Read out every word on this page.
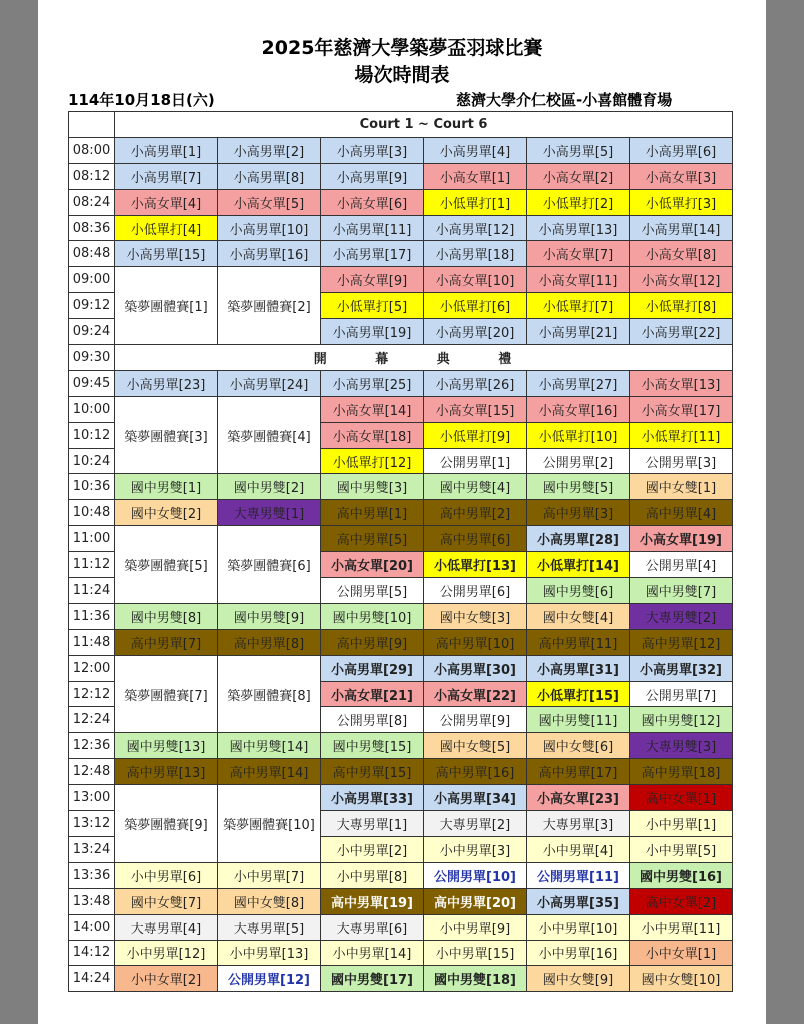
2025年慈濟大學築夢盃羽球比賽
場次時間表
114年10月18日(六)	慈濟大學介仁校區-小喜館體育場
	Court 1 ~ Court 6					
08:00	小高男單[1]	小高男單[2]	小高男單[3]	小高男單[4]	小高男單[5]	小高男單[6]
08:12	小高男單[7]	小高男單[8]	小高男單[9]	小高女單[1]	小高女單[2]	小高女單[3]
08:24	小高女單[4]	小高女單[5]	小高女單[6]	小低單打[1]	小低單打[2]	小低單打[3]
08:36	小低單打[4]	小高男單[10]	小高男單[11]	小高男單[12]	小高男單[13]	小高男單[14]
08:48	小高男單[15]	小高男單[16]	小高男單[17]	小高男單[18]	小高女單[7]	小高女單[8]
09:00	築夢團體賽[1]	築夢團體賽[2]	小高女單[9]	小高女單[10]	小高女單[11]	小高女單[12]
09:12			小低單打[5]	小低單打[6]	小低單打[7]	小低單打[8]
09:24			小高男單[19]	小高男單[20]	小高男單[21]	小高男單[22]
09:30	開 幕 典 禮					
09:45	小高男單[23]	小高男單[24]	小高男單[25]	小高男單[26]	小高男單[27]	小高女單[13]
10:00	築夢團體賽[3]	築夢團體賽[4]	小高女單[14]	小高女單[15]	小高女單[16]	小高女單[17]
10:12			小高女單[18]	小低單打[9]	小低單打[10]	小低單打[11]
10:24			小低單打[12]	公開男單[1]	公開男單[2]	公開男單[3]
10:36	國中男雙[1]	國中男雙[2]	國中男雙[3]	國中男雙[4]	國中男雙[5]	國中女雙[1]
10:48	國中女雙[2]	大專男雙[1]	高中男單[1]	高中男單[2]	高中男單[3]	高中男單[4]
11:00	築夢團體賽[5]	築夢團體賽[6]	高中男單[5]	高中男單[6]	小高男單[28]	小高女單[19]
11:12			小高女單[20]	小低單打[13]	小低單打[14]	公開男單[4]
11:24			公開男單[5]	公開男單[6]	國中男雙[6]	國中男雙[7]
11:36	國中男雙[8]	國中男雙[9]	國中男雙[10]	國中女雙[3]	國中女雙[4]	大專男雙[2]
11:48	高中男單[7]	高中男單[8]	高中男單[9]	高中男單[10]	高中男單[11]	高中男單[12]
12:00	築夢團體賽[7]	築夢團體賽[8]	小高男單[29]	小高男單[30]	小高男單[31]	小高男單[32]
12:12			小高女單[21]	小高女單[22]	小低單打[15]	公開男單[7]
12:24			公開男單[8]	公開男單[9]	國中男雙[11]	國中男雙[12]
12:36	國中男雙[13]	國中男雙[14]	國中男雙[15]	國中女雙[5]	國中女雙[6]	大專男雙[3]
12:48	高中男單[13]	高中男單[14]	高中男單[15]	高中男單[16]	高中男單[17]	高中男單[18]
13:00	築夢團體賽[9]	築夢團體賽[10]	小高男單[33]	小高男單[34]	小高女單[23]	高中女單[1]
13:12			大專男單[1]	大專男單[2]	大專男單[3]	小中男單[1]
13:24			小中男單[2]	小中男單[3]	小中男單[4]	小中男單[5]
13:36	小中男單[6]	小中男單[7]	小中男單[8]	公開男單[10]	公開男單[11]	國中男雙[16]
13:48	國中女雙[7]	國中女雙[8]	高中男單[19]	高中男單[20]	小高男單[35]	高中女單[2]
14:00	大專男單[4]	大專男單[5]	大專男單[6]	小中男單[9]	小中男單[10]	小中男單[11]
14:12	小中男單[12]	小中男單[13]	小中男單[14]	小中男單[15]	小中男單[16]	小中女單[1]
14:24	小中女單[2]	公開男單[12]	國中男雙[17]	國中男雙[18]	國中女雙[9]	國中女雙[10]
